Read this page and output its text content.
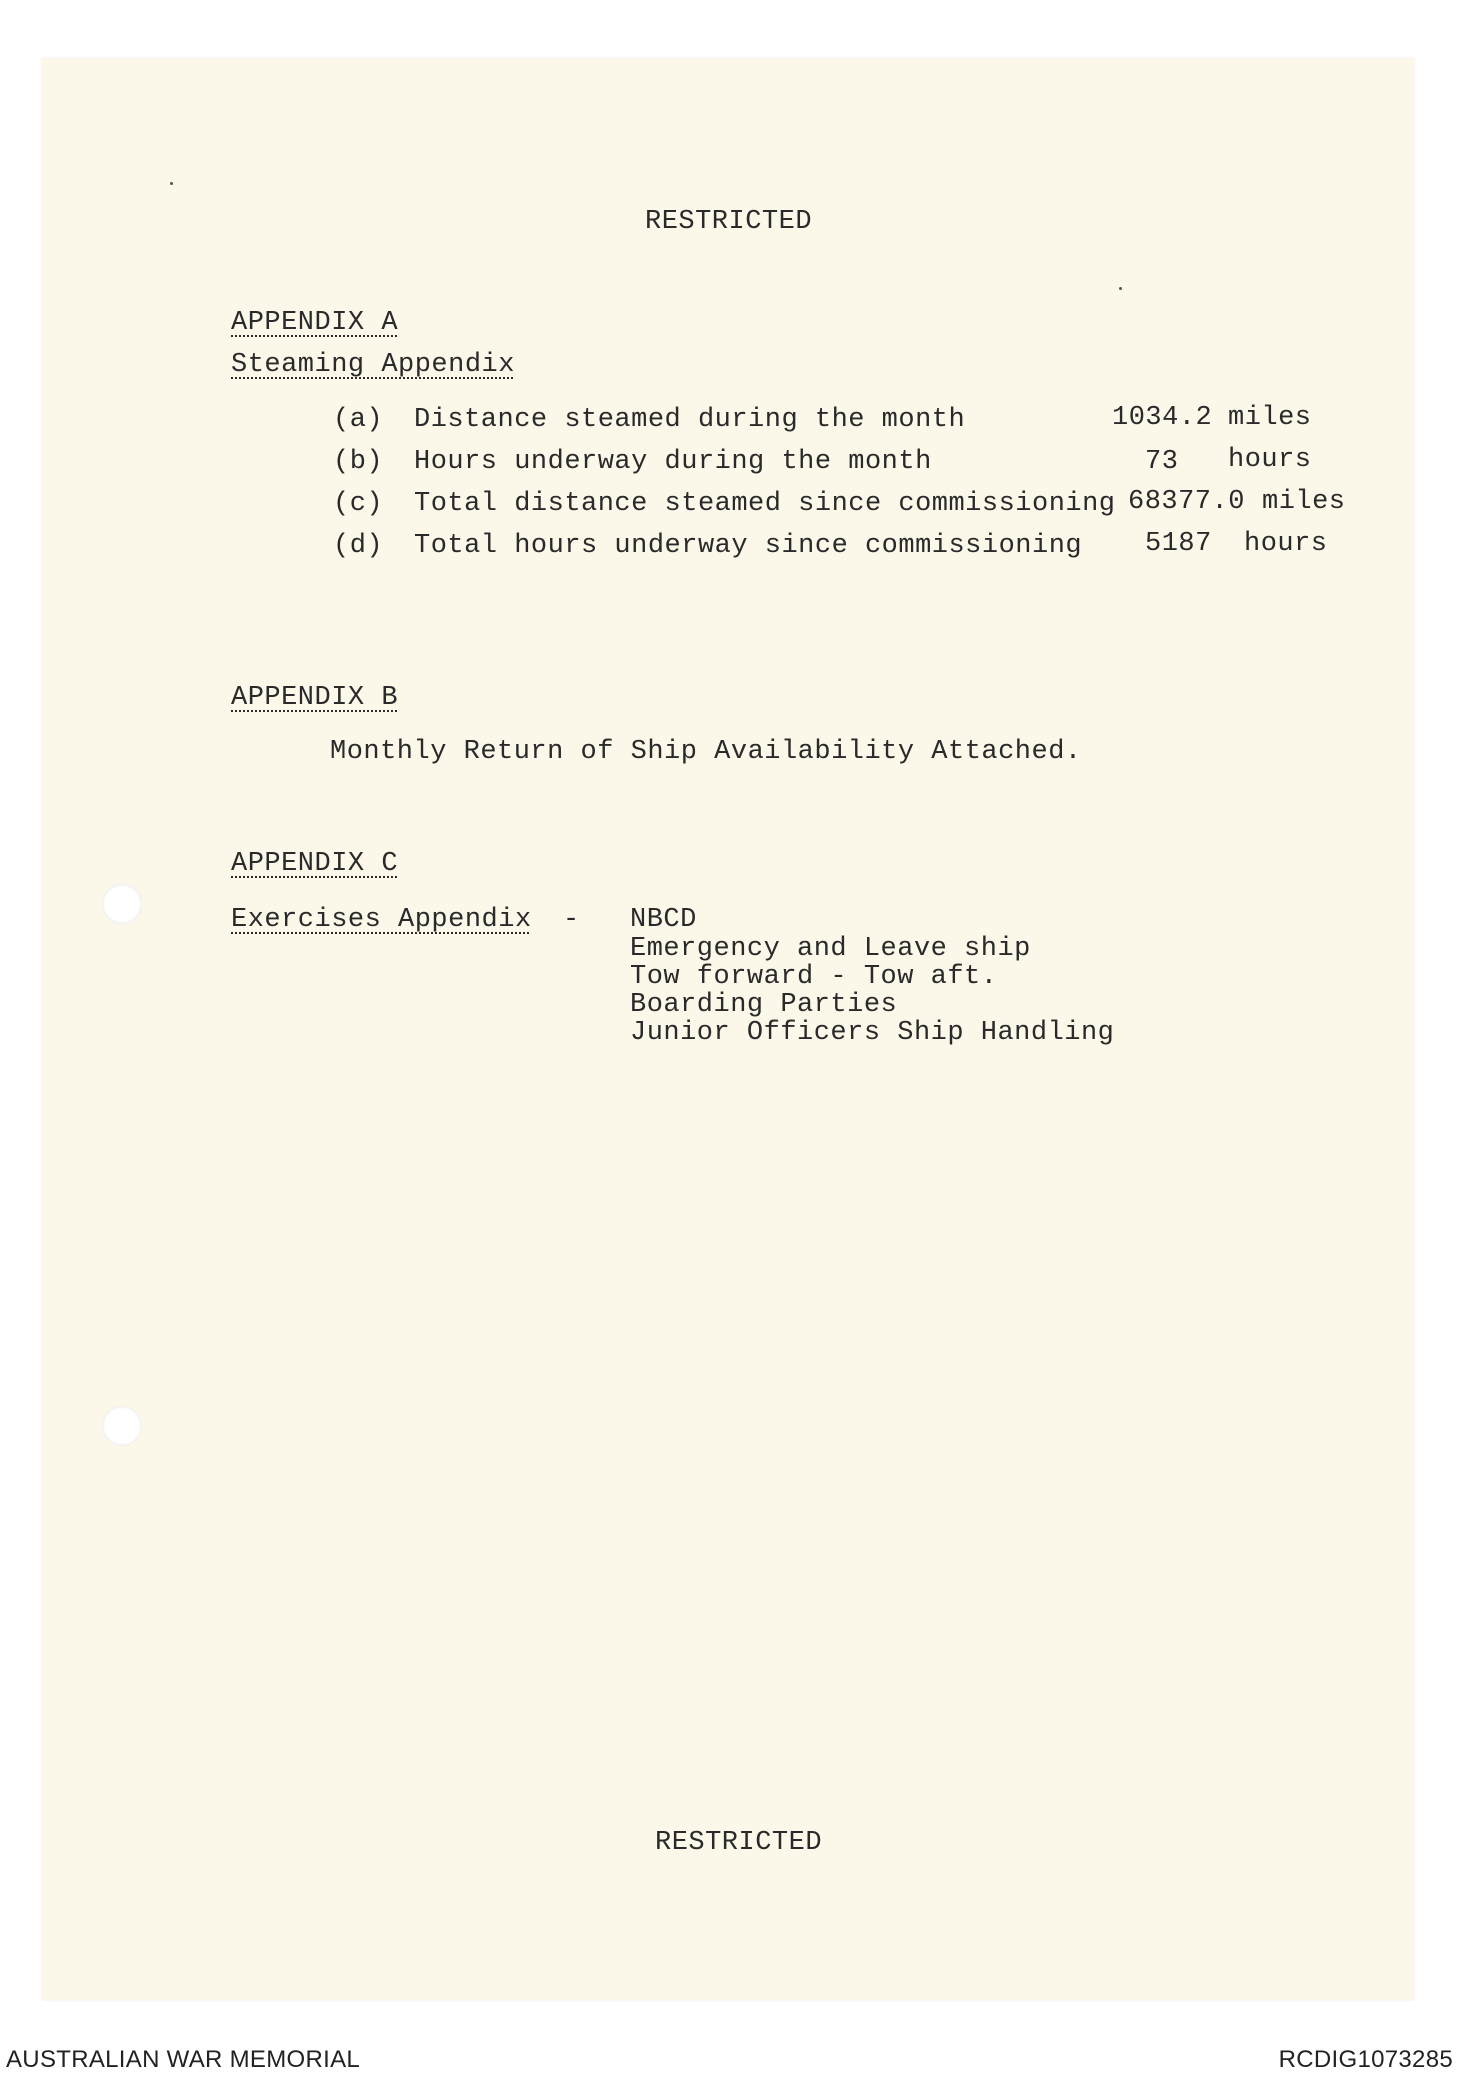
RESTRICTED
APPENDIX A
Steaming Appendix
(a) Distance steamed during the month	1034.2 miles
(b) Hours underway during the month	73 hours
(c) Total distance steamed since commissioning 68377.0 miles
(d) Total hours underway since commissioning 5187 hours
APPENDIX B
Monthly Return of Ship Availability Attached.
APPENDIX C
Exercises Appendix - NBCD
Emergency and Leave ship
Tow forward - Tow aft.
Boarding Parties
Junior Officers Ship Handling
RESTRICTED
AUSTRALIAN WAR MEMORIAL	RCDIG1073285
